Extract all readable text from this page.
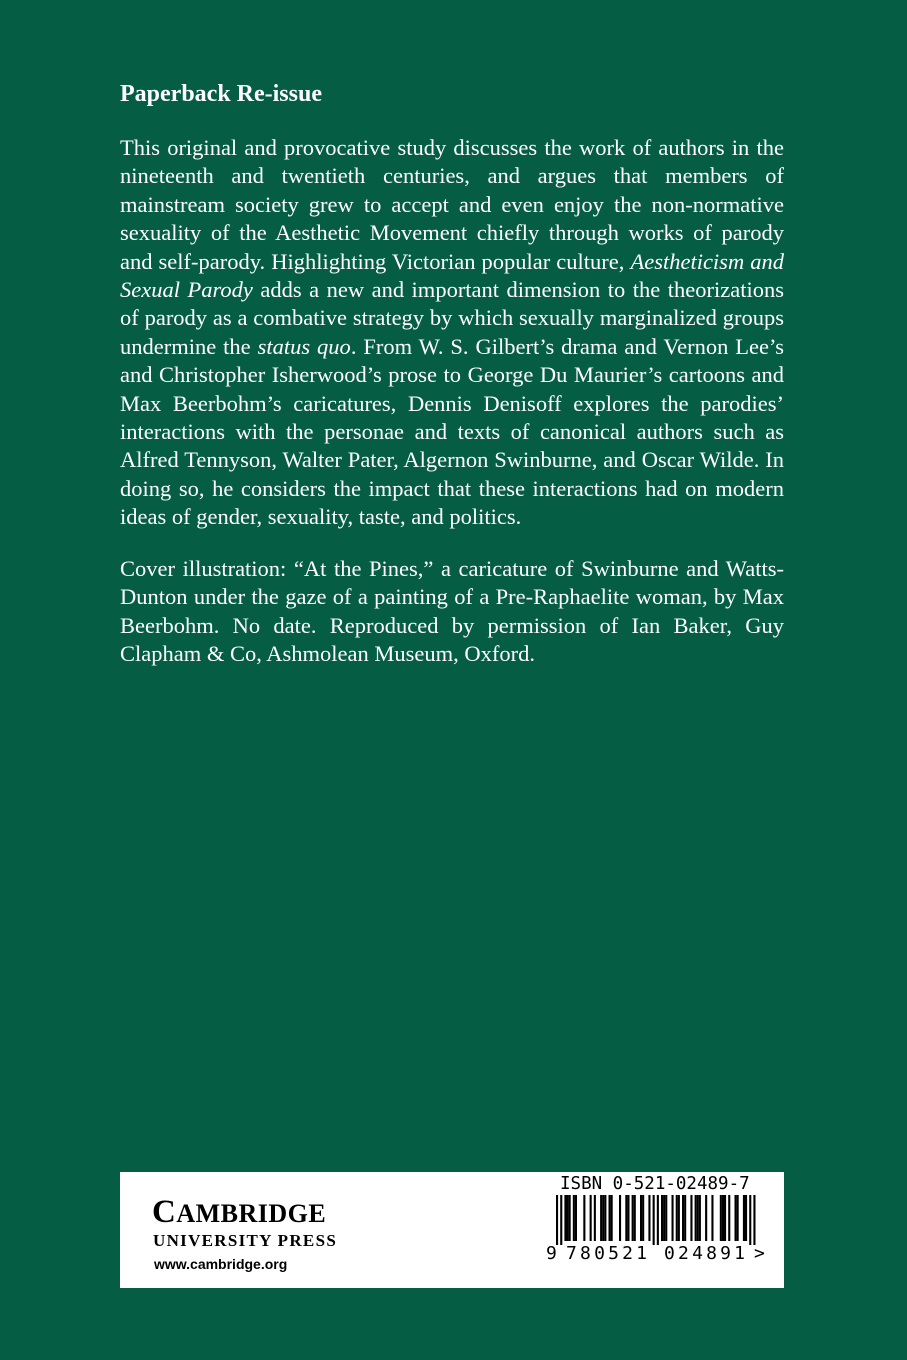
Paperback Re-issue

This original and provocative study discusses the work of authors in the nineteenth and twentieth centuries, and argues that members of mainstream society grew to accept and even enjoy the non-normative sexuality of the Aesthetic Movement chiefly through works of parody and self-parody. Highlighting Victorian popular culture, Aestheticism and Sexual Parody adds a new and important dimension to the theorizations of parody as a combative strategy by which sexually marginalized groups undermine the status quo. From W. S. Gilbert’s drama and Vernon Lee’s and Christopher Isherwood’s prose to George Du Maurier’s cartoons and Max Beerbohm’s caricatures, Dennis Denisoff explores the parodies’ interactions with the personae and texts of canonical authors such as Alfred Tennyson, Walter Pater, Algernon Swinburne, and Oscar Wilde. In doing so, he considers the impact that these interactions had on modern ideas of gender, sexuality, taste, and politics.

Cover illustration: “At the Pines,” a caricature of Swinburne and Watts-Dunton under the gaze of a painting of a Pre-Raphaelite woman, by Max Beerbohm. No date. Reproduced by permission of Ian Baker, Guy Clapham & Co, Ashmolean Museum, Oxford.

CAMBRIDGE
UNIVERSITY PRESS
www.cambridge.org
ISBN 0-521-02489-7
9 780521 024891 >
